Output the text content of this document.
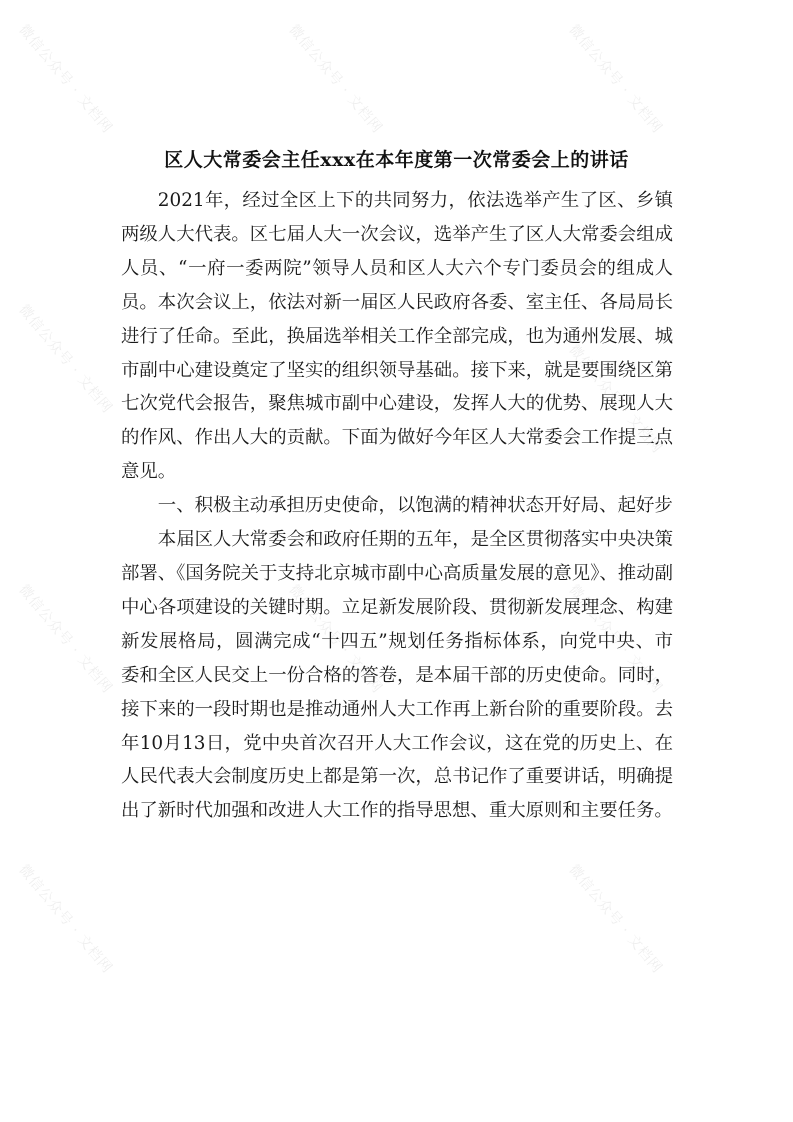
微信公众号 · 文档网	微信公众号 · 文档网	微信公众号 · 文档网
微信公众号 · 文档网	微信公众号 · 文档网
微信公众号 · 文档网	微信公众号 · 文档网	微信公众号 · 文档网
微信公众号 · 文档网	微信公众号 · 文档网
区人大常委会主任xxx在本年度第一次常委会上的讲话

2021年，经过全区上下的共同努力，依法选举产生了区、乡镇两级人大代表。区七届人大一次会议，选举产生了区人大常委会组成人员、“一府一委两院”领导人员和区人大六个专门委员会的组成人员。本次会议上，依法对新一届区人民政府各委、室主任、各局局长进行了任命。至此，换届选举相关工作全部完成，也为通州发展、城市副中心建设奠定了坚实的组织领导基础。接下来，就是要围绕区第七次党代会报告，聚焦城市副中心建设，发挥人大的优势、展现人大的作风、作出人大的贡献。下面为做好今年区人大常委会工作提三点意见。

一、积极主动承担历史使命，以饱满的精神状态开好局、起好步

本届区人大常委会和政府任期的五年，是全区贯彻落实中央决策部署、《国务院关于支持北京城市副中心高质量发展的意见》、推动副中心各项建设的关键时期。立足新发展阶段、贯彻新发展理念、构建新发展格局，圆满完成“十四五”规划任务指标体系，向党中央、市委和全区人民交上一份合格的答卷，是本届干部的历史使命。同时，接下来的一段时期也是推动通州人大工作再上新台阶的重要阶段。去年10月13日，党中央首次召开人大工作会议，这在党的历史上、在人民代表大会制度历史上都是第一次，总书记作了重要讲话，明确提出了新时代加强和改进人大工作的指导思想、重大原则和主要任务。
